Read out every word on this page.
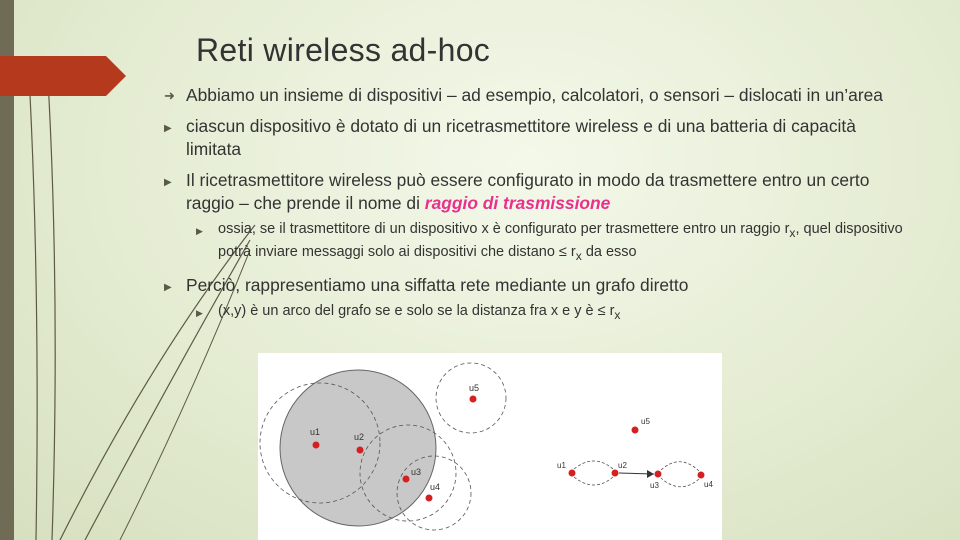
Reti wireless ad-hoc
➜ Abbiamo un insieme di dispositivi – ad esempio, calcolatori, o sensori – dislocati in un’area
▶ ciascun dispositivo è dotato di un ricetrasmettitore wireless e di una batteria di capacità limitata
▶ Il ricetrasmettitore wireless può essere configurato in modo da trasmettere entro un certo raggio – che prende il nome di raggio di trasmissione
▶ ossia, se il trasmettitore di un dispositivo x è configurato per trasmettere entro un raggio $r_x$, quel dispositivo potrà inviare messaggi solo ai dispositivi che $distano \le r_x$ da esso
▶ Perciò, rappresentiamo una siffatta rete mediante un grafo diretto
▶ (x,y) è un arco del grafo se e solo se la distanza fra x e y è ≤ $r_x$
u1	u2
u3
u4
u5
u1	u2
u3	u4
u5
